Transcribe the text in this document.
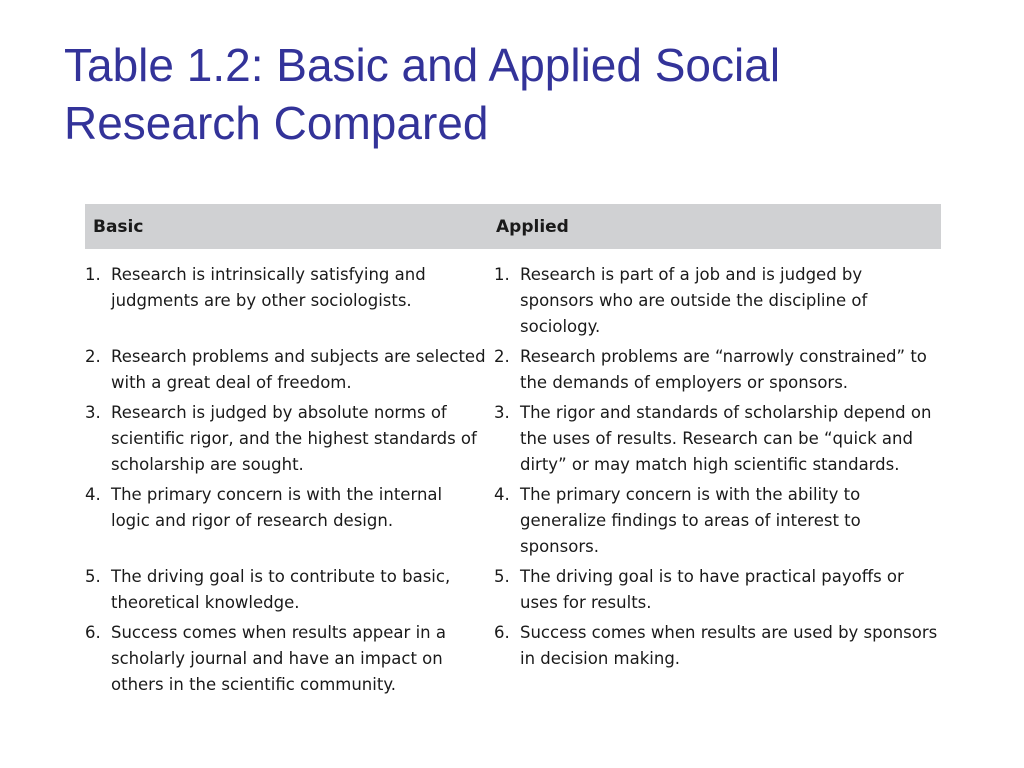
Table 1.2: Basic and Applied Social
Research Compared
Basic	Applied
1. Research is intrinsically satisfying and judgments are by other sociologists.
1. Research is part of a job and is judged by sponsors who are outside the discipline of sociology.
2. Research problems and subjects are selected with a great deal of freedom.
2. Research problems are “narrowly constrained” to the demands of employers or sponsors.
3. Research is judged by absolute norms of scientific rigor, and the highest standards of scholarship are sought.
3. The rigor and standards of scholarship depend on the uses of results. Research can be “quick and dirty” or may match high scientific standards.
4. The primary concern is with the internal logic and rigor of research design.
4. The primary concern is with the ability to generalize findings to areas of interest to sponsors.
5. The driving goal is to contribute to basic, theoretical knowledge.
5. The driving goal is to have practical payoffs or uses for results.
6. Success comes when results appear in a scholarly journal and have an impact on others in the scientific community.
6. Success comes when results are used by sponsors in decision making.
